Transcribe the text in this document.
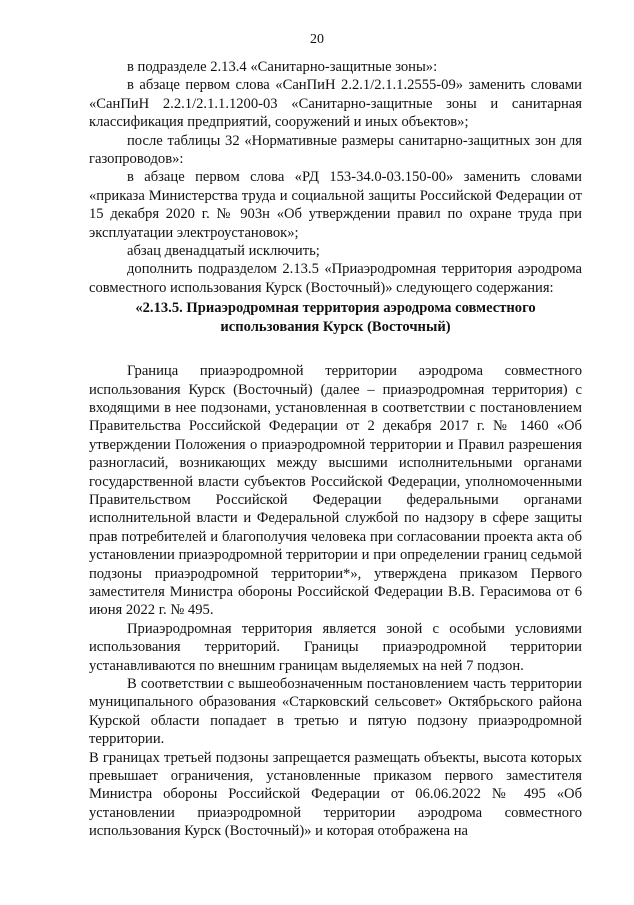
20

в подразделе 2.13.4 «Санитарно-защитные зоны»:

в абзаце первом слова «СанПиН 2.2.1/2.1.1.2555-09» заменить словами «СанПиН 2.2.1/2.1.1.1200-03 «Санитарно-защитные зоны и санитарная классификация предприятий, сооружений и иных объектов»;

после таблицы 32 «Нормативные размеры санитарно-защитных зон для газопроводов»:

в абзаце первом слова «РД 153-34.0-03.150-00» заменить словами «приказа Министерства труда и социальной защиты Российской Федерации от 15 декабря 2020 г. № 903н «Об утверждении правил по охране труда при эксплуатации электроустановок»;

абзац двенадцатый исключить;

дополнить подразделом 2.13.5 «Приаэродромная территория аэродрома совместного использования Курск (Восточный)» следующего содержания:

«2.13.5. Приаэродромная территория аэродрома совместного использования Курск (Восточный)

Граница приаэродромной территории аэродрома совместного использования Курск (Восточный) (далее – приаэродромная территория) с входящими в нее подзонами, установленная в соответствии с постановлением Правительства Российской Федерации от 2 декабря 2017 г. № 1460 «Об утверждении Положения о приаэродромной территории и Правил разрешения разногласий, возникающих между высшими исполнительными органами государственной власти субъектов Российской Федерации, уполномоченными Правительством Российской Федерации федеральными органами исполнительной власти и Федеральной службой по надзору в сфере защиты прав потребителей и благополучия человека при согласовании проекта акта об установлении приаэродромной территории и при определении границ седьмой подзоны приаэродромной территории*», утверждена приказом Первого заместителя Министра обороны Российской Федерации В.В. Герасимова от 6 июня 2022 г. № 495.

Приаэродромная территория является зоной с особыми условиями использования территорий. Границы приаэродромной территории устанавливаются по внешним границам выделяемых на ней 7 подзон.

В соответствии с вышеобозначенным постановлением часть территории муниципального образования «Старковский сельсовет» Октябрьского района Курской области попадает в третью и пятую подзону приаэродромной территории.

В границах третьей подзоны запрещается размещать объекты, высота которых превышает ограничения, установленные приказом первого заместителя Министра обороны Российской Федерации от 06.06.2022 № 495 «Об установлении приаэродромной территории аэродрома совместного использования Курск (Восточный)» и которая отображена на
